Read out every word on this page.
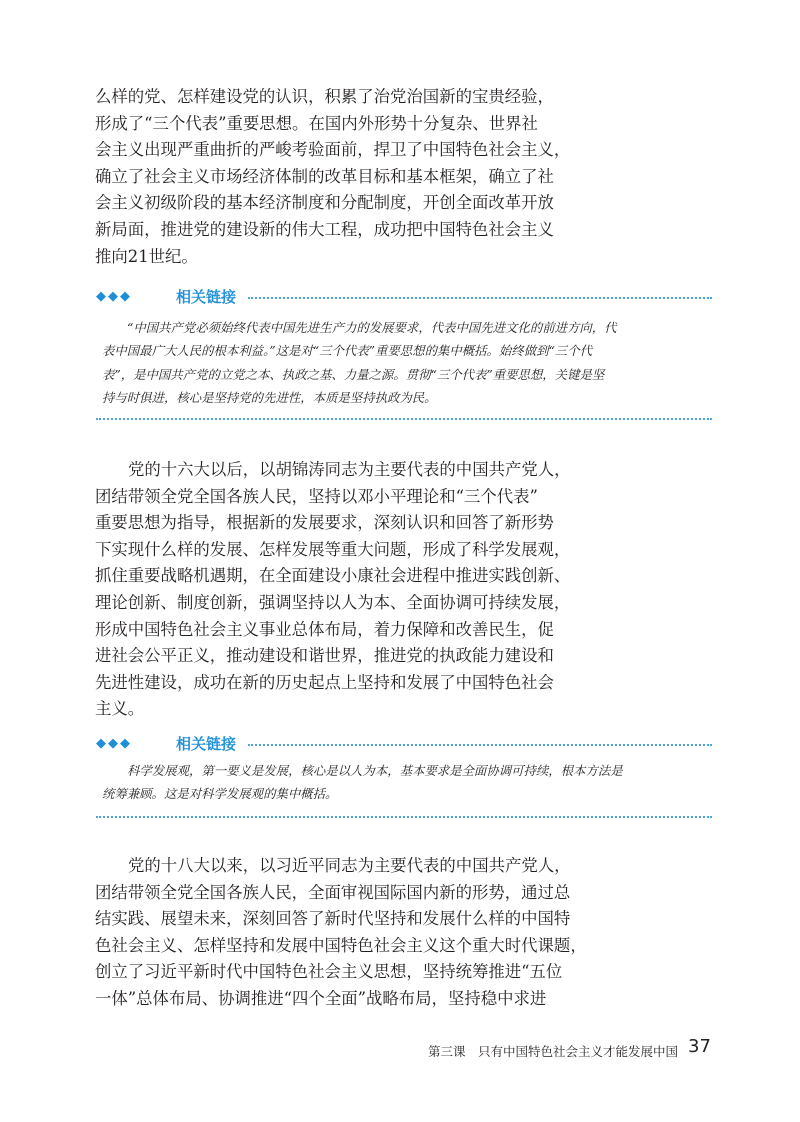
么样的党、怎样建设党的认识，积累了治党治国新的宝贵经验，
形成了“三个代表”重要思想。在国内外形势十分复杂、世界社
会主义出现严重曲折的严峻考验面前，捍卫了中国特色社会主义，
确立了社会主义市场经济体制的改革目标和基本框架，确立了社
会主义初级阶段的基本经济制度和分配制度，开创全面改革开放
新局面，推进党的建设新的伟大工程，成功把中国特色社会主义
推向21世纪。
◆◆◆	相关链接
“中国共产党必须始终代表中国先进生产力的发展要求，代表中国先进文化的前进方向，代
表中国最广大人民的根本利益。”这是对“三个代表”重要思想的集中概括。始终做到“三个代
表”，是中国共产党的立党之本、执政之基、力量之源。贯彻“三个代表”重要思想，关键是坚
持与时俱进，核心是坚持党的先进性，本质是坚持执政为民。
党的十六大以后，以胡锦涛同志为主要代表的中国共产党人，
团结带领全党全国各族人民，坚持以邓小平理论和“三个代表”
重要思想为指导，根据新的发展要求，深刻认识和回答了新形势
下实现什么样的发展、怎样发展等重大问题，形成了科学发展观，
抓住重要战略机遇期，在全面建设小康社会进程中推进实践创新、
理论创新、制度创新，强调坚持以人为本、全面协调可持续发展，
形成中国特色社会主义事业总体布局，着力保障和改善民生，促
进社会公平正义，推动建设和谐世界，推进党的执政能力建设和
先进性建设，成功在新的历史起点上坚持和发展了中国特色社会
主义。
◆◆◆	相关链接
科学发展观，第一要义是发展，核心是以人为本，基本要求是全面协调可持续，根本方法是
统筹兼顾。这是对科学发展观的集中概括。
党的十八大以来，以习近平同志为主要代表的中国共产党人，
团结带领全党全国各族人民，全面审视国际国内新的形势，通过总
结实践、展望未来，深刻回答了新时代坚持和发展什么样的中国特
色社会主义、怎样坚持和发展中国特色社会主义这个重大时代课题，
创立了习近平新时代中国特色社会主义思想，坚持统筹推进“五位
一体”总体布局、协调推进“四个全面”战略布局，坚持稳中求进
第三课　只有中国特色社会主义才能发展中国 37
